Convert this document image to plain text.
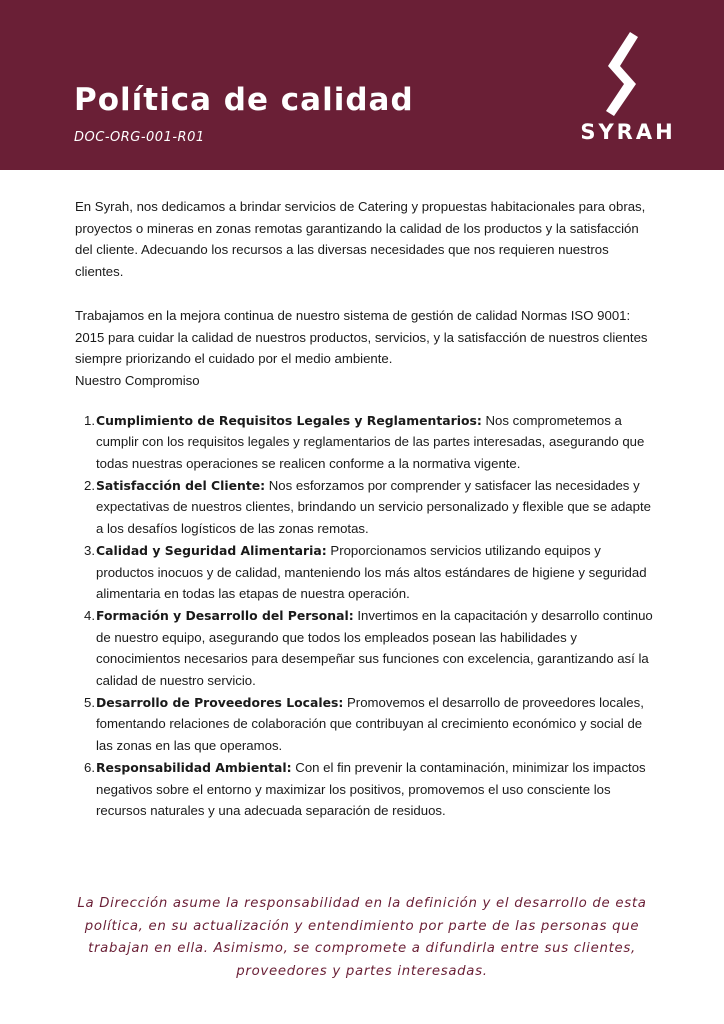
Política de calidad
DOC-ORG-001-R01	SYRAH

En Syrah, nos dedicamos a brindar servicios de Catering y propuestas habitacionales para obras, proyectos o mineras en zonas remotas garantizando la calidad de los productos y la satisfacción del cliente. Adecuando los recursos a las diversas necesidades que nos requieren nuestros clientes.

Trabajamos en la mejora continua de nuestro sistema de gestión de calidad Normas ISO 9001: 2015 para cuidar la calidad de nuestros productos, servicios, y la satisfacción de nuestros clientes siempre priorizando el cuidado por el medio ambiente.

Nuestro Compromiso

1. Cumplimiento de Requisitos Legales y Reglamentarios: Nos comprometemos a cumplir con los requisitos legales y reglamentarios de las partes interesadas, asegurando que todas nuestras operaciones se realicen conforme a la normativa vigente.
2. Satisfacción del Cliente: Nos esforzamos por comprender y satisfacer las necesidades y expectativas de nuestros clientes, brindando un servicio personalizado y flexible que se adapte a los desafíos logísticos de las zonas remotas.
3. Calidad y Seguridad Alimentaria: Proporcionamos servicios utilizando equipos y productos inocuos y de calidad, manteniendo los más altos estándares de higiene y seguridad alimentaria en todas las etapas de nuestra operación.
4. Formación y Desarrollo del Personal: Invertimos en la capacitación y desarrollo continuo de nuestro equipo, asegurando que todos los empleados posean las habilidades y conocimientos necesarios para desempeñar sus funciones con excelencia, garantizando así la calidad de nuestro servicio.
5. Desarrollo de Proveedores Locales: Promovemos el desarrollo de proveedores locales, fomentando relaciones de colaboración que contribuyan al crecimiento económico y social de las zonas en las que operamos.
6. Responsabilidad Ambiental: Con el fin prevenir la contaminación, minimizar los impactos negativos sobre el entorno y maximizar los positivos, promovemos el uso consciente los recursos naturales y una adecuada separación de residuos.

La Dirección asume la responsabilidad en la definición y el desarrollo de esta política, en su actualización y entendimiento por parte de las personas que trabajan en ella. Asimismo, se compromete a difundirla entre sus clientes, proveedores y partes interesadas.
